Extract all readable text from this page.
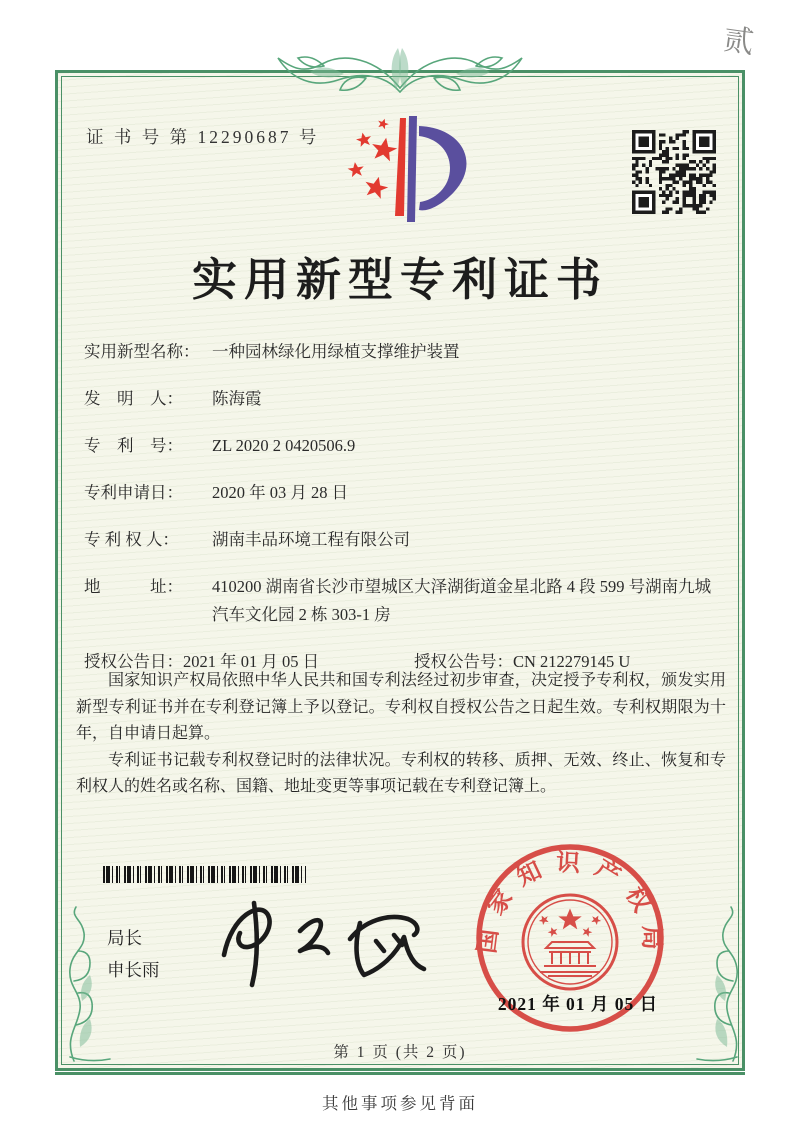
贰
证 书 号 第 12290687 号
实用新型专利证书
实用新型名称： 一种园林绿化用绿植支撑维护装置
发　明　人：	陈海霞
专　利　号：	ZL 2020 2 0420506.9
专利申请日：	2020 年 03 月 28 日
专 利 权 人：	湖南丰品环境工程有限公司
地　　　址：	410200 湖南省长沙市望城区大泽湖街道金星北路 4 段 599 号湖南九城汽车文化园 2 栋 303-1 房
授权公告日： 2021 年 01 月 05 日	授权公告号： CN 212279145 U

国家知识产权局依照中华人民共和国专利法经过初步审查，决定授予专利权，颁发实用新型专利证书并在专利登记簿上予以登记。专利权自授权公告之日起生效。专利权期限为十年，自申请日起算。

专利证书记载专利权登记时的法律状况。专利权的转移、质押、无效、终止、恢复和专利权人的姓名或名称、国籍、地址变更等事项记载在专利登记簿上。

局长
申长雨
国家知识产权局
2021 年 01 月 05 日
第 1 页 (共 2 页)
其他事项参见背面
